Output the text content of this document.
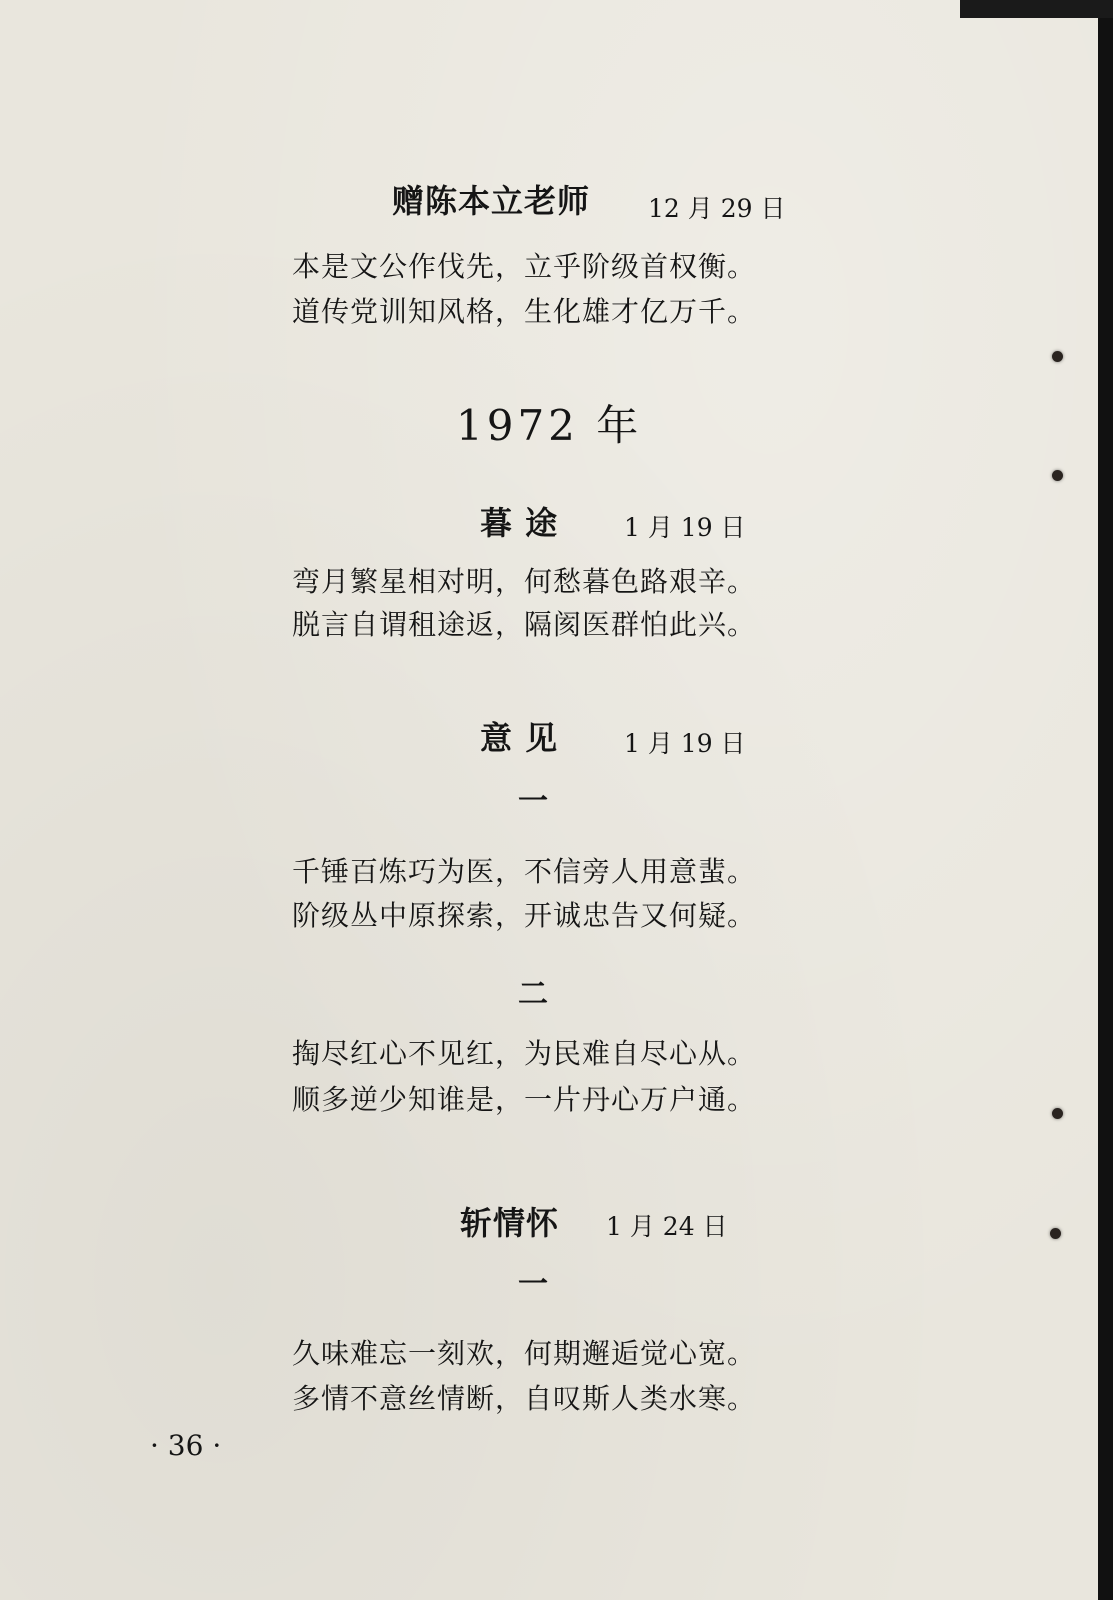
赠陈本立老师 12 月 29 日
本是文公作伐先，立乎阶级首权衡。
道传党训知风格，生化雄才亿万千。
1972 年
暮 途	1 月 19 日
弯月繁星相对明，何愁暮色路艰辛。
脱言自谓租途返，隔阂医群怕此兴。
意 见	1 月 19 日
一
千锤百炼巧为医，不信旁人用意蜚。
阶级丛中原探索，开诚忠告又何疑。
二
掏尽红心不见红，为民难自尽心从。
顺多逆少知谁是，一片丹心万户通。
斩情怀 1 月 24 日
一
久味难忘一刻欢，何期邂逅觉心宽。
多情不意丝情断，自叹斯人类水寒。
· 36 ·
